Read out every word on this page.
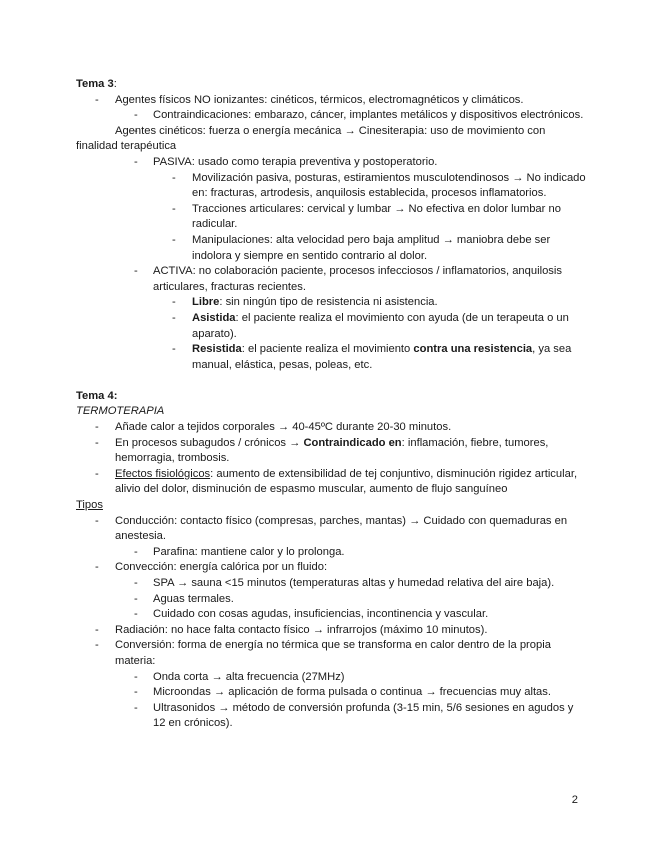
Tema 3:

- Agentes físicos NO ionizantes: cinéticos, térmicos, electromagnéticos y climáticos.

- Contraindicaciones: embarazo, cáncer, implantes metálicos y dispositivos electrónicos.

- Agentes cinéticos: fuerza o energía mecánica → Cinesiterapia: uso de movimiento con finalidad terapéutica

- PASIVA: usado como terapia preventiva y postoperatorio.

- Movilización pasiva, posturas, estiramientos musculotendinosos → No indicado en: fracturas, artrodesis, anquilosis establecida, procesos inflamatorios.

- Tracciones articulares: cervical y lumbar → No efectiva en dolor lumbar no radicular.

- Manipulaciones: alta velocidad pero baja amplitud → maniobra debe ser indolora y siempre en sentido contrario al dolor.

- ACTIVA: no colaboración paciente, procesos infecciosos / inflamatorios, anquilosis articulares, fracturas recientes.

- Libre: sin ningún tipo de resistencia ni asistencia.

- Asistida: el paciente realiza el movimiento con ayuda (de un terapeuta o un aparato).

- Resistida: el paciente realiza el movimiento contra una resistencia, ya sea manual, elástica, pesas, poleas, etc.

Tema 4:

TERMOTERAPIA

- Añade calor a tejidos corporales → 40-45ºC durante 20-30 minutos.

- En procesos subagudos / crónicos → Contraindicado en: inflamación, fiebre, tumores, hemorragia, trombosis.

- Efectos fisiológicos: aumento de extensibilidad de tej conjuntivo, disminución rigidez articular, alivio del dolor, disminución de espasmo muscular, aumento de flujo sanguíneo

Tipos

- Conducción: contacto físico (compresas, parches, mantas) → Cuidado con quemaduras en anestesia.

- Parafina: mantiene calor y lo prolonga.

- Convección: energía calórica por un fluido:

- SPA → sauna <15 minutos (temperaturas altas y humedad relativa del aire baja).

- Aguas termales.

- Cuidado con cosas agudas, insuficiencias, incontinencia y vascular.

- Radiación: no hace falta contacto físico → infrarrojos (máximo 10 minutos).

- Conversión: forma de energía no térmica que se transforma en calor dentro de la propia materia:

- Onda corta → alta frecuencia (27MHz)

- Microondas → aplicación de forma pulsada o continua → frecuencias muy altas.

- Ultrasonidos → método de conversión profunda (3-15 min, 5/6 sesiones en agudos y 12 en crónicos).

2
